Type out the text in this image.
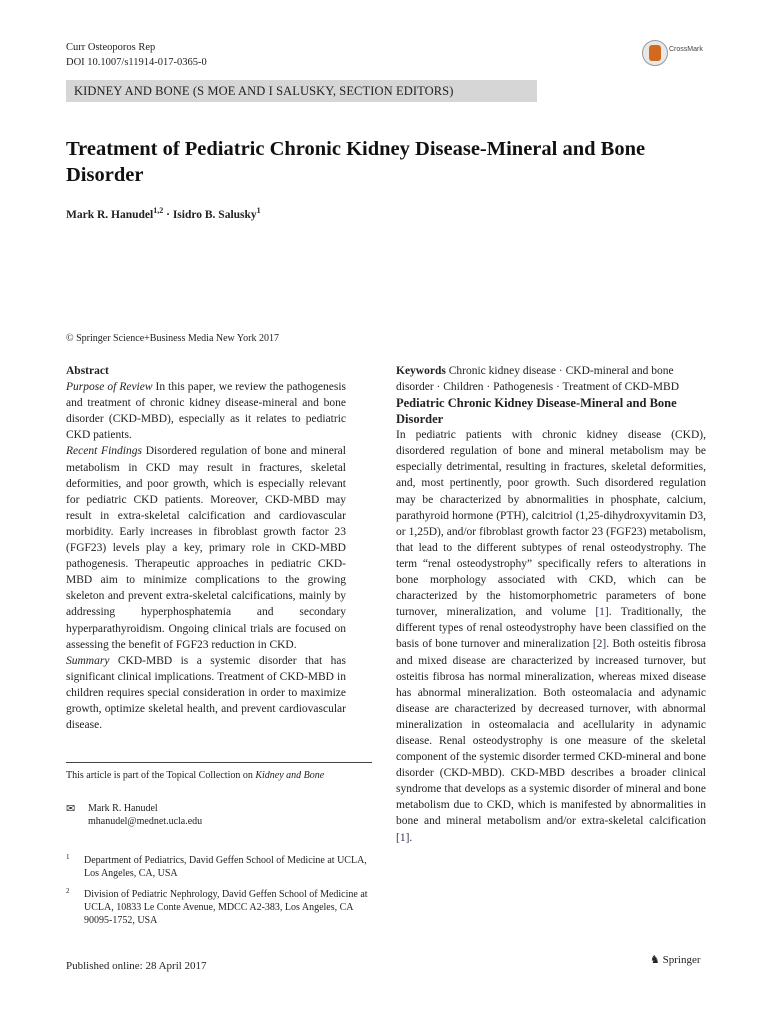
Curr Osteoporos Rep
DOI 10.1007/s11914-017-0365-0
CrossMark
KIDNEY AND BONE (S MOE AND I SALUSKY, SECTION EDITORS)
Treatment of Pediatric Chronic Kidney Disease-Mineral and Bone Disorder
Mark R. Hanudel$^{1,2}$ · Isidro B. Salusky$^1$
© Springer Science+Business Media New York 2017

Abstract

Purpose of Review In this paper, we review the pathogenesis and treatment of chronic kidney disease-mineral and bone disorder (CKD-MBD), especially as it relates to pediatric CKD patients.

Recent Findings Disordered regulation of bone and mineral metabolism in CKD may result in fractures, skeletal deformities, and poor growth, which is especially relevant for pediatric CKD patients. Moreover, CKD-MBD may result in extra-skeletal calcification and cardiovascular morbidity. Early increases in fibroblast growth factor 23 (FGF23) levels play a key, primary role in CKD-MBD pathogenesis. Therapeutic approaches in pediatric CKD-MBD aim to minimize complications to the growing skeleton and prevent extra-skeletal calcifications, mainly by addressing hyperphosphatemia and secondary hyperparathyroidism. Ongoing clinical trials are focused on assessing the benefit of FGF23 reduction in CKD.

Summary CKD-MBD is a systemic disorder that has significant clinical implications. Treatment of CKD-MBD in children requires special consideration in order to maximize growth, optimize skeletal health, and prevent cardiovascular disease.

This article is part of the Topical Collection on Kidney and Bone
✉ Mark R. Hanudel
mhanudel@mednet.ucla.edu
1 Department of Pediatrics, David Geffen School of Medicine at UCLA, Los Angeles, CA, USA
2 Division of Pediatric Nephrology, David Geffen School of Medicine at UCLA, 10833 Le Conte Avenue, MDCC A2-383, Los Angeles, CA 90095-1752, USA
Published online: 28 April 2017	♞ Springer

Keywords Chronic kidney disease · CKD-mineral and bone disorder · Children · Pathogenesis · Treatment of CKD-MBD

Pediatric Chronic Kidney Disease-Mineral and Bone Disorder

In pediatric patients with chronic kidney disease (CKD), disordered regulation of bone and mineral metabolism may be especially detrimental, resulting in fractures, skeletal deformities, and, most pertinently, poor growth. Such disordered regulation may be characterized by abnormalities in phosphate, calcium, parathyroid hormone (PTH), calcitriol (1,25-dihydroxyvitamin D3, or 1,25D), and/or fibroblast growth factor 23 (FGF23) metabolism, that lead to the different subtypes of renal osteodystrophy. The term “renal osteodystrophy” specifically refers to alterations in bone morphology associated with CKD, which can be characterized by the histomorphometric parameters of bone turnover, mineralization, and volume [1]. Traditionally, the different types of renal osteodystrophy have been classified on the basis of bone turnover and mineralization [2]. Both osteitis fibrosa and mixed disease are characterized by increased turnover, but osteitis fibrosa has normal mineralization, whereas mixed disease has abnormal mineralization. Both osteomalacia and adynamic disease are characterized by decreased turnover, with abnormal mineralization in osteomalacia and acellularity in adynamic disease. Renal osteodystrophy is one measure of the skeletal component of the systemic disorder termed CKD-mineral and bone disorder (CKD-MBD). CKD-MBD describes a broader clinical syndrome that develops as a systemic disorder of mineral and bone metabolism due to CKD, which is manifested by abnormalities in bone and mineral metabolism and/or extra-skeletal calcification [1].
